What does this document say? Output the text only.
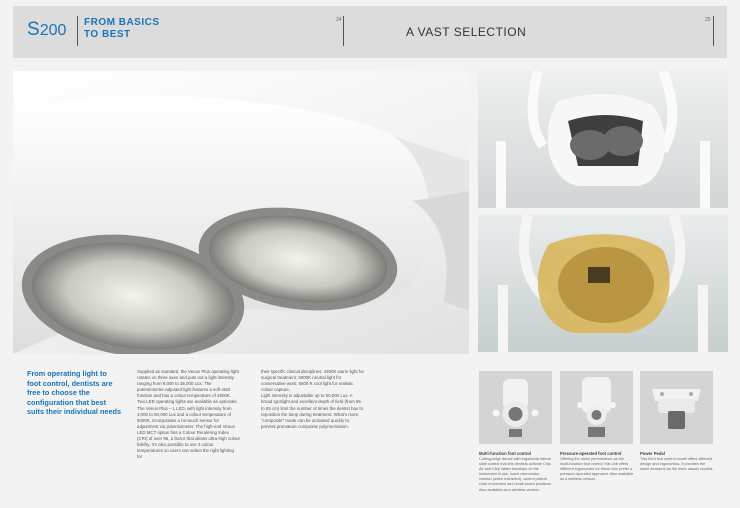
S200 FROM BASICS
TO BEST
24
A VAST SELECTION
25
From operating light to foot control, dentists are free to choose the configuration that best suits their individual needs
Supplied as standard, the Venus Plus operating light rotates on three axes and puts out a light intensity ranging from 8,000 to 35,000 Lux. The potentiometer-adjusted light features a soft-start function and has a colour temperature of 4900K.
Two LED operating lights are available as optionals. The Venus Plus – L LED, with light intensity from 3,000 to 50,000 Lux and a colour temperature of 5000K, incorporates a no-touch sensor for adjustment via potentiometer. The high-end Venus LED MCT option has a Colour Rendering Index (CRI) of over 95, a factor that allows ultra-high colour fidelity. It's also possible to use 3 colour temperatures so users can select the right lighting for
their specific clinical disciplines: 4300K warm light for surgical treatment; 5000K neutral light for conservative work; 5500 K cool light for realistic colour capture.
Light intensity is adjustable up to 50,000 Lux. A broad spotlight and excellent depth of field (from 55 to 85 cm) limit the number of times the dentist has to reposition the lamp during treatment. What's more, "composite" mode can be activated quickly to prevent premature composite polymerisation.
Multi-function foot control
Cutting-edge device with ergonomic lateral slide control that lets dentists activate Chip Air and Chip Water functions on the instrument in use, insert micromotor rotation (when extracted), control patient chair movement and recall saved positions. Also available as a wireless version.
Pressure-operated foot control
Offering the same performance as the multi-function foot control, this unit offers different ergonomics for those who prefer a pressure-operated approach. Also available as a wireless version.
Power Pedal
This third foot control model offers different design and ergonomics. It provides the same functions as the more classic models.
